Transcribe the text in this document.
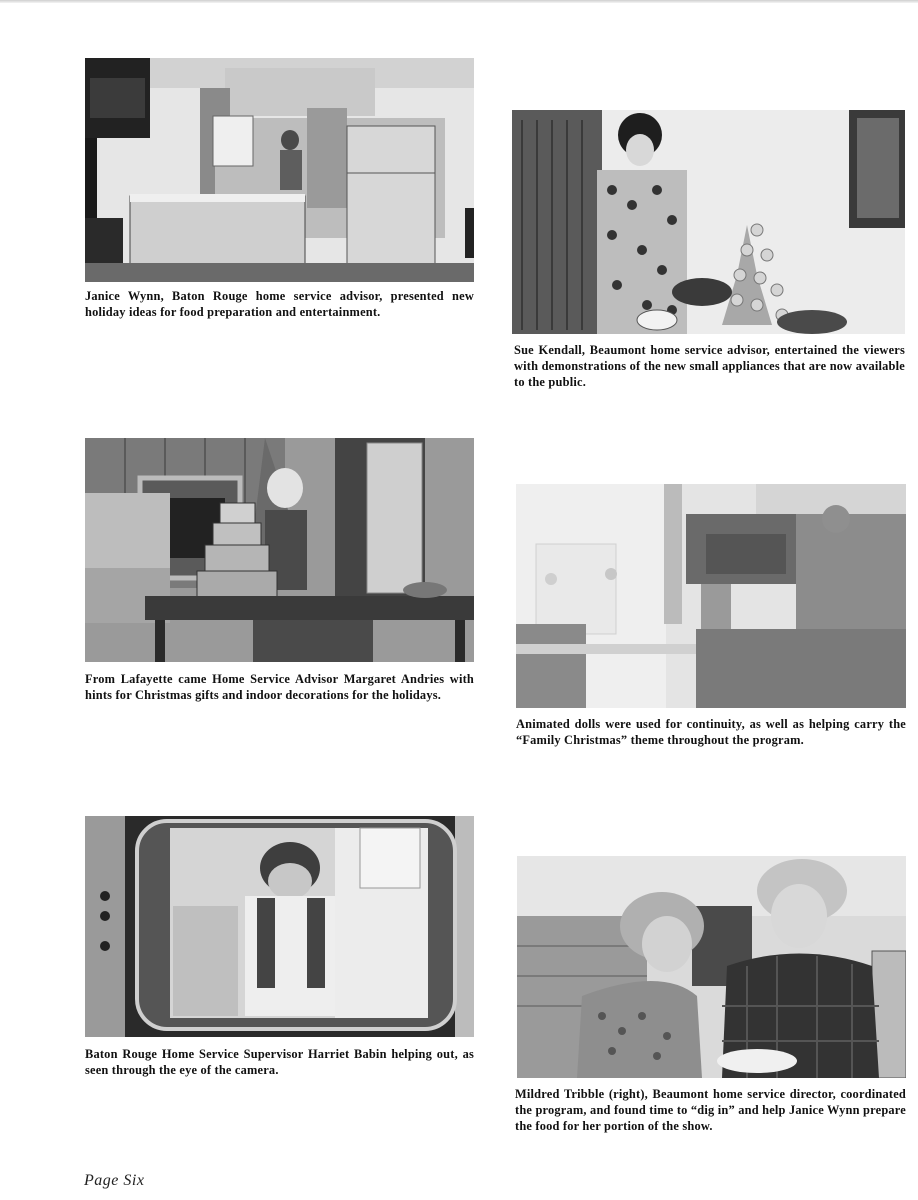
Janice Wynn, Baton Rouge home service advisor, presented new holiday ideas for food preparation and entertainment.

Sue Kendall, Beaumont home service advisor, entertained the viewers with demonstrations of the new small appliances that are now available to the public.

From Lafayette came Home Service Advisor Margaret Andries with hints for Christmas gifts and indoor decorations for the holidays.

Animated dolls were used for continuity, as well as helping carry the “Family Christmas” theme throughout the program.

Baton Rouge Home Service Supervisor Harriet Babin helping out, as seen through the eye of the camera.

Mildred Tribble (right), Beaumont home service director, coordinated the program, and found time to “dig in” and help Janice Wynn prepare the food for her portion of the show.

Page Six
